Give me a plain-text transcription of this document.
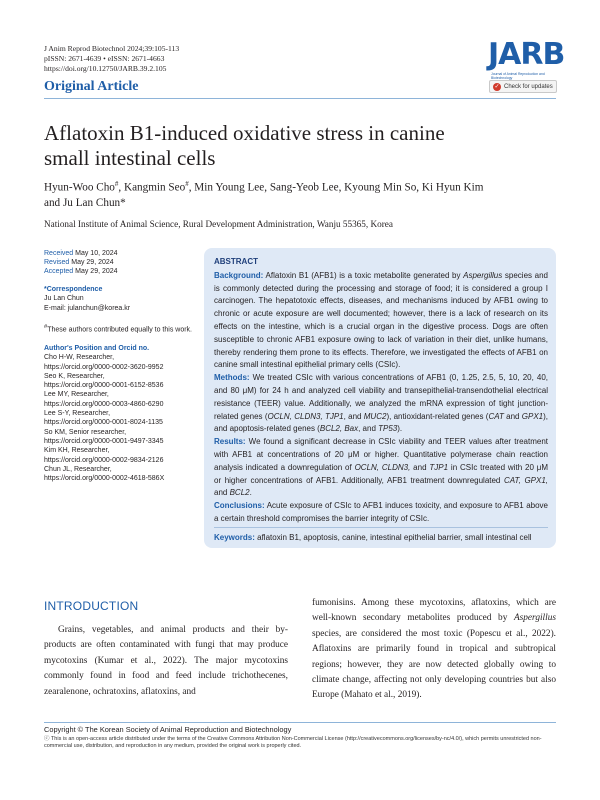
J Anim Reprod Biotechnol 2024;39:105-113
pISSN: 2671-4639 • eISSN: 2671-4663
https://doi.org/10.12750/JARB.39.2.105
Original Article
JARB
Journal of Animal Reproduction and Biotechnology
✓ Check for updates
Aflatoxin B1-induced oxidative stress in canine
small intestinal cells
Hyun-Woo Cho#, Kangmin Seo#, Min Young Lee, Sang-Yeob Lee, Kyoung Min So, Ki Hyun Kim
and Ju Lan Chun*
National Institute of Animal Science, Rural Development Administration, Wanju 55365, Korea
Received May 10, 2024
Revised May 29, 2024
Accepted May 29, 2024
*Correspondence
Ju Lan Chun
E-mail: julanchun@korea.kr
#These authors contributed equally to this work.
Author's Position and Orcid no.
Cho H-W, Researcher,
https://orcid.org/0000-0002-3620-9952
Seo K, Researcher,
https://orcid.org/0000-0001-6152-8536
Lee MY, Researcher,
https://orcid.org/0000-0003-4860-6290
Lee S-Y, Researcher,
https://orcid.org/0000-0001-8024-1135
So KM, Senior researcher,
https://orcid.org/0000-0001-9497-3345
Kim KH, Researcher,
https://orcid.org/0000-0002-9834-2126
Chun JL, Researcher,
https://orcid.org/0000-0002-4618-586X
ABSTRACT
Background: Aflatoxin B1 (AFB1) is a toxic metabolite generated by Aspergillus species and is commonly detected during the processing and storage of food; it is considered a group I carcinogen. The hepatotoxic effects, diseases, and mechanisms induced by AFB1 owing to chronic or acute exposure are well documented; however, there is a lack of research on its effects on the intestine, which is a crucial organ in the digestive process. Dogs are often susceptible to chronic AFB1 exposure owing to lack of variation in their diet, unlike humans, thereby rendering them prone to its effects. Therefore, we investigated the effects of AFB1 on canine small intestinal epithelial primary cells (CSIc).
Methods: We treated CSIc with various concentrations of AFB1 (0, 1.25, 2.5, 5, 10, 20, 40, and 80 μM) for 24 h and analyzed cell viability and transepithelial-transendothelial electrical resistance (TEER) value. Additionally, we analyzed the mRNA expression of tight junction-related genes (OCLN, CLDN3, TJP1, and MUC2), antioxidant-related genes (CAT and GPX1), and apoptosis-related genes (BCL2, Bax, and TP53).
Results: We found a significant decrease in CSIc viability and TEER values after treatment with AFB1 at concentrations of 20 μM or higher. Quantitative polymerase chain reaction analysis indicated a downregulation of OCLN, CLDN3, and TJP1 in CSIc treated with 20 μM or higher concentrations of AFB1. Additionally, AFB1 treatment downregulated CAT, GPX1, and BCL2.
Conclusions: Acute exposure of CSIc to AFB1 induces toxicity, and exposure to AFB1 above a certain threshold compromises the barrier integrity of CSIc.
Keywords: aflatoxin B1, apoptosis, canine, intestinal epithelial barrier, small intestinal cell
INTRODUCTION
Grains, vegetables, and animal products and their by-products are often contaminated with fungi that may produce mycotoxins (Kumar et al., 2022). The major mycotoxins commonly found in food and feed include trichothecenes, zearalenone, ochratoxins, aflatoxins, and
fumonisins. Among these mycotoxins, aflatoxins, which are well-known secondary metabolites produced by Aspergillus species, are considered the most toxic (Popescu et al., 2022). Aflatoxins are primarily found in tropical and subtropical regions; however, they are now detected globally owing to climate change, affecting not only developing countries but also Europe (Mahato et al., 2019).
Copyright © The Korean Society of Animal Reproduction and Biotechnology
ⓒ This is an open-access article distributed under the terms of the Creative Commons Attribution Non-Commercial License (http://creativecommons.org/licenses/by-nc/4.0/), which permits unrestricted non-commercial use, distribution, and reproduction in any medium, provided the original work is properly cited.
